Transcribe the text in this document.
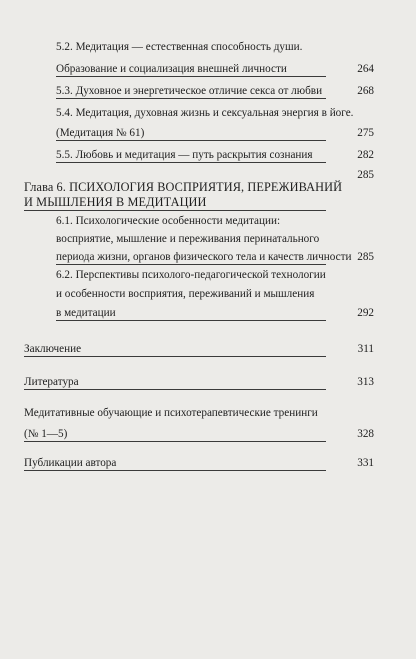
5.2. Медитация — естественная способность души.
Образование и социализация внешней личности	264
5.3. Духовное и энергетическое отличие секса от любви	268
5.4. Медитация, духовная жизнь и сексуальная энергия в йоге.
(Медитация № 61)	275
5.5. Любовь и медитация — путь раскрытия сознания	282
Глава 6. ПСИХОЛОГИЯ ВОСПРИЯТИЯ, ПЕРЕЖИВАНИЙ
И МЫШЛЕНИЯ В МЕДИТАЦИИ
285
6.1. Психологические особенности медитации:
восприятие, мышление и переживания перинатального
периода жизни, органов физического тела и качеств личности 285
6.2. Перспективы психолого-педагогической технологии
и особенности восприятия, переживаний и мышления
в медитации	292
Заключение	311
Литература	313
Медитативные обучающие и психотерапевтические тренинги
(№ 1—5)	328
Публикации автора	331
